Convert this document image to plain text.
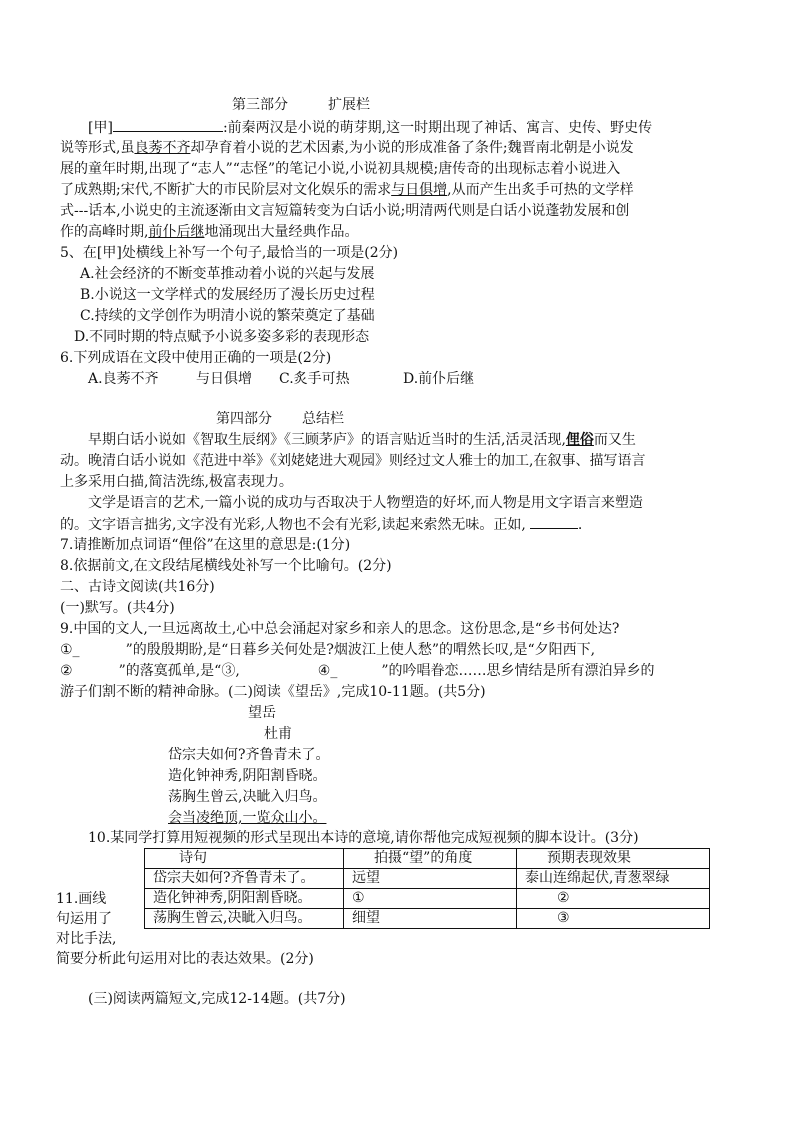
第三部分	扩展栏
[甲]	:前秦两汉是小说的萌芽期,这一时期出现了神话、寓言、史传、野史传
说等形式,虽良莠不齐却孕育着小说的艺术因素,为小说的形成准备了条件;魏晋南北朝是小说发
展的童年时期,出现了“志人”“志怪”的笔记小说,小说初具规模;唐传奇的出现标志着小说进入
了成熟期;宋代,不断扩大的市民阶层对文化娱乐的需求与日俱增,从而产生出炙手可热的文学样
式---话本,小说史的主流逐渐由文言短篇转变为白话小说;明清两代则是白话小说蓬勃发展和创
作的高峰时期,前仆后继地涌现出大量经典作品。
5、在[甲]处横线上补写一个句子,最恰当的一项是(2分)
A.社会经济的不断变革推动着小说的兴起与发展
B.小说这一文学样式的发展经历了漫长历史过程
C.持续的文学创作为明清小说的繁荣奠定了基础
D.不同时期的特点赋予小说多姿多彩的表现形态
6.下列成语在文段中使用正确的一项是(2分)
A.良莠不齐	与日俱增 C.炙手可热	D.前仆后继
第四部分 总结栏
早期白话小说如《智取生辰纲》《三顾茅庐》的语言贴近当时的生活,活灵活现,俚俗而又生
动。晚清白话小说如《范进中举》《刘姥姥进大观园》则经过文人雅士的加工,在叙事、描写语言
上多采用白描,简洁洗练,极富表现力。
文学是语言的艺术,一篇小说的成功与否取决于人物塑造的好坏,而人物是用文字语言来塑造
的。文字语言拙劣,文字没有光彩,人物也不会有光彩,读起来索然无味。正如,	.
7.请推断加点词语“俚俗”在这里的意思是:(1分)
8.依据前文,在文段结尾横线处补写一个比喻句。(2分)
二、古诗文阅读(共16分)
(一)默写。(共4分)
9.中国的文人,一旦远离故土,心中总会涌起对家乡和亲人的思念。这份思念,是“乡书何处达?
①_	”的殷殷期盼,是“日暮乡关何处是?烟波江上使人愁”的喟然长叹,是“夕阳西下,
②	”的落寞孤单,是“③,	④_	”的吟唱眷恋……思乡情结是所有漂泊异乡的
游子们割不断的精神命脉。(二)阅读《望岳》,完成10-11题。(共5分)
望岳
杜甫
岱宗夫如何?齐鲁青未了。
造化钟神秀,阴阳割昏晓。
荡胸生曾云,决眦入归鸟。
会当凌绝顶,一览众山小。
10.某同学打算用短视频的形式呈现出本诗的意境,请你帮他完成短视频的脚本设计。(3分)
诗句	拍摄“望”的角度	预期表现效果
岱宗夫如何?齐鲁青未了。	远望	泰山连绵起伏,青葱翠绿
造化钟神秀,阴阳割昏晓。	①	②
荡胸生曾云,决眦入归鸟。	细望	③
11.画线
句运用了
对比手法,
简要分析此句运用对比的表达效果。(2分)
(三)阅读两篇短文,完成12-14题。(共7分)
